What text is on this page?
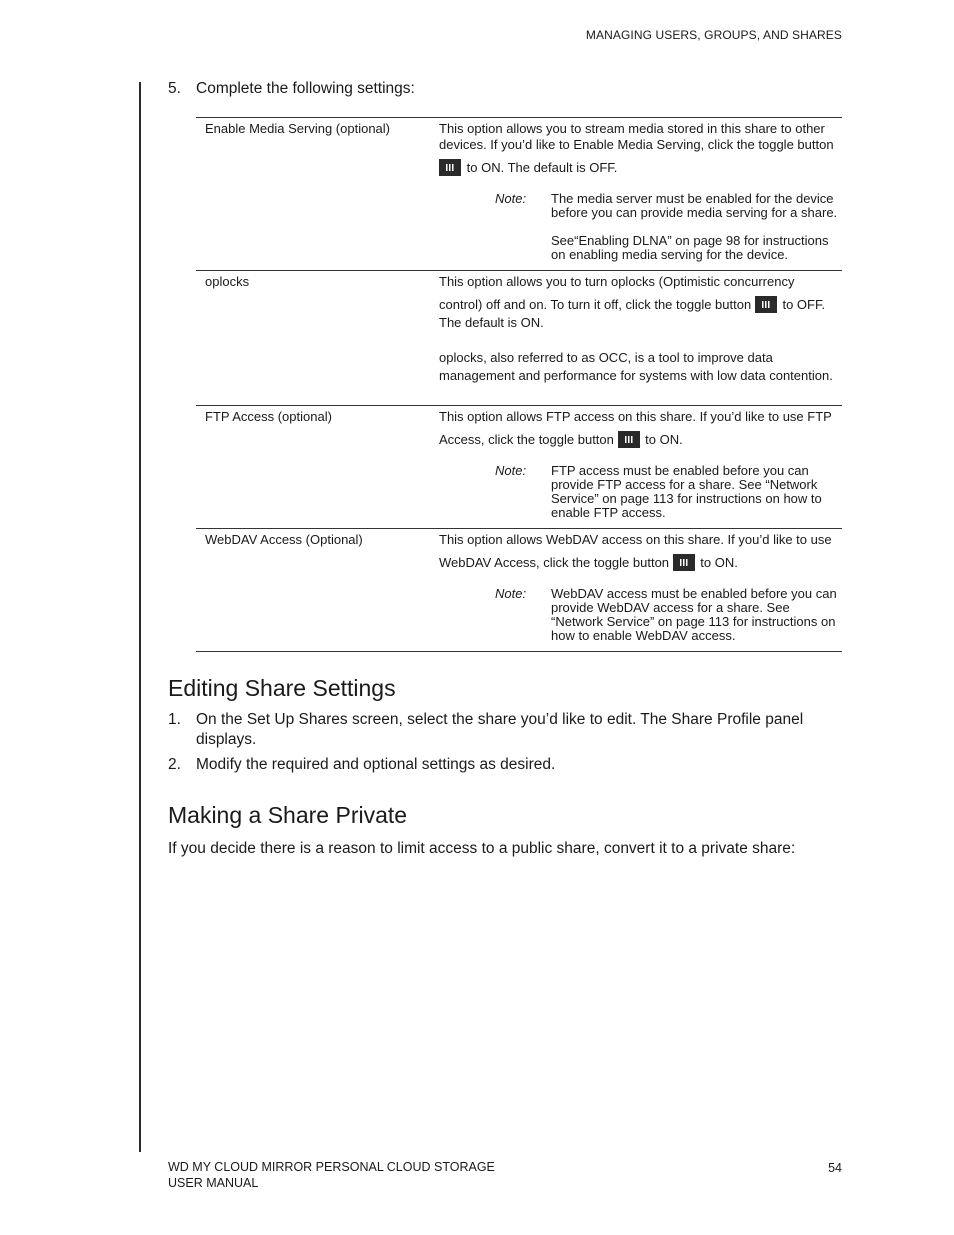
MANAGING USERS, GROUPS, AND SHARES
5. Complete the following settings:
Enable Media Serving (optional)	This option allows you to stream media stored in this share to other devices. If you’d like to Enable Media Serving, click the toggle button
to ON. The default is OFF.

Note: The media server must be enabled for the device before you can provide media serving for a share.

See“Enabling DLNA” on page 98 for instructions on enabling media serving for the device.

oplocks	This option allows you to turn oplocks (Optimistic concurrency
control) off and on. To turn it off, click the toggle button to OFF. The default is ON.

oplocks, also referred to as OCC, is a tool to improve data management and performance for systems with low data contention.

FTP Access (optional)	This option allows FTP access on this share. If you’d like to use FTP
Access, click the toggle button to ON.

Note: FTP access must be enabled before you can provide FTP access for a share. See “Network Service” on page 113 for instructions on how to enable FTP access.

WebDAV Access (Optional)	This option allows WebDAV access on this share. If you’d like to use
WebDAV Access, click the toggle button to ON.

Note: WebDAV access must be enabled before you can provide WebDAV access for a share. See “Network Service” on page 113 for instructions on how to enable WebDAV access.

Editing Share Settings
1. On the Set Up Shares screen, select the share you’d like to edit. The Share Profile panel displays.
2. Modify the required and optional settings as desired.
Making a Share Private
If you decide there is a reason to limit access to a public share, convert it to a private share:
WD MY CLOUD MIRROR PERSONAL CLOUD STORAGE
USER MANUAL
54
